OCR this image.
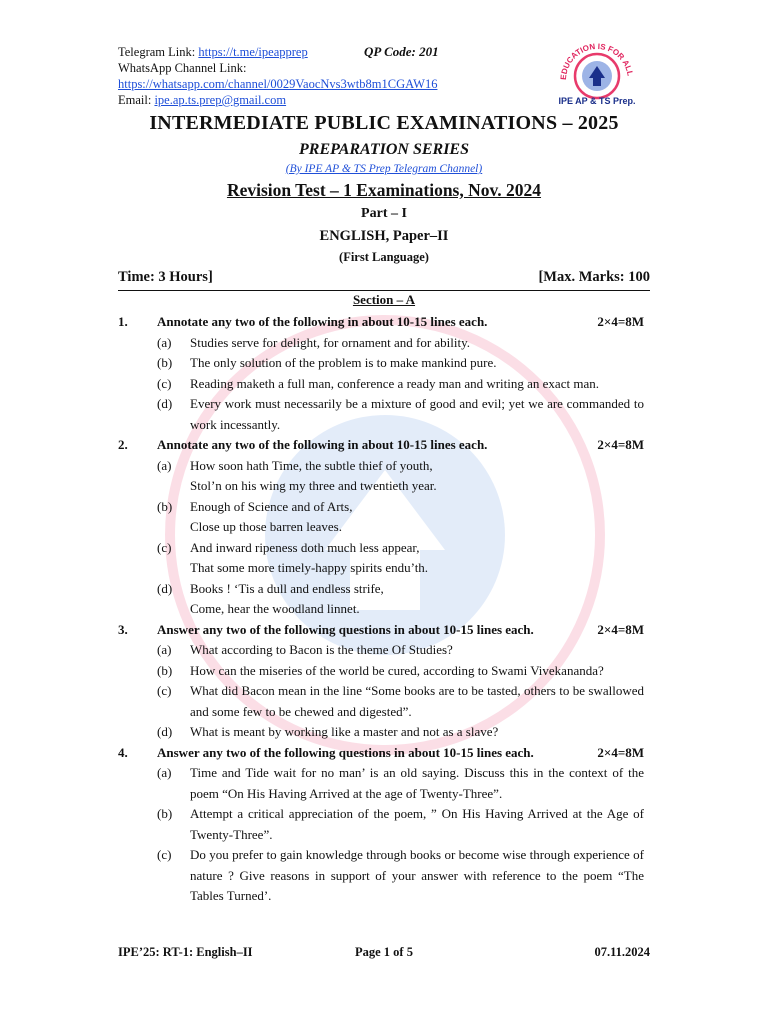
Telegram Link: https://t.me/ipeapprep
WhatsApp Channel Link:
https://whatsapp.com/channel/0029VaocNvs3wtb8m1CGAW16
Email: ipe.ap.ts.prep@gmail.com
QP Code: 201
EDUCATION IS FOR ALL
IPE AP & TS Prep.
INTERMEDIATE PUBLIC EXAMINATIONS – 2025
PREPARATION SERIES
(By IPE AP & TS Prep Telegram Channel)
Revision Test – 1 Examinations, Nov. 2024
Part – I
ENGLISH, Paper–II
(First Language)
Time: 3 Hours]	[Max. Marks: 100
Section – A
1.	Annotate any two of the following in about 10-15 lines each.	2×4=8M
(a)	Studies serve for delight, for ornament and for ability.
(b)	The only solution of the problem is to make mankind pure.
(c)	Reading maketh a full man, conference a ready man and writing an exact man.
(d)	Every work must necessarily be a mixture of good and evil; yet we are commanded to work incessantly.
2.	Annotate any two of the following in about 10-15 lines each.	2×4=8M
(a)	How soon hath Time, the subtle thief of youth,
Stol’n on his wing my three and twentieth year.
(b)	Enough of Science and of Arts,
Close up those barren leaves.
(c)	And inward ripeness doth much less appear,
That some more timely-happy spirits endu’th.
(d)	Books ! ‘Tis a dull and endless strife,
Come, hear the woodland linnet.
3.	Answer any two of the following questions in about 10-15 lines each.	2×4=8M
(a)	What according to Bacon is the theme Of Studies?
(b)	How can the miseries of the world be cured, according to Swami Vivekananda?
(c)	What did Bacon mean in the line “Some books are to be tasted, others to be swallowed and some few to be chewed and digested”.
(d)	What is meant by working like a master and not as a slave?
4.	Answer any two of the following questions in about 10-15 lines each.	2×4=8M
(a)	Time and Tide wait for no man’ is an old saying. Discuss this in the context of the poem “On His Having Arrived at the age of Twenty-Three”.
(b)	Attempt a critical appreciation of the poem, ” On His Having Arrived at the Age of Twenty-Three”.
(c)	Do you prefer to gain knowledge through books or become wise through experience of nature ? Give reasons in support of your answer with reference to the poem “The Tables Turned’.
IPE’25: RT-1: English–II	Page 1 of 5	07.11.2024
